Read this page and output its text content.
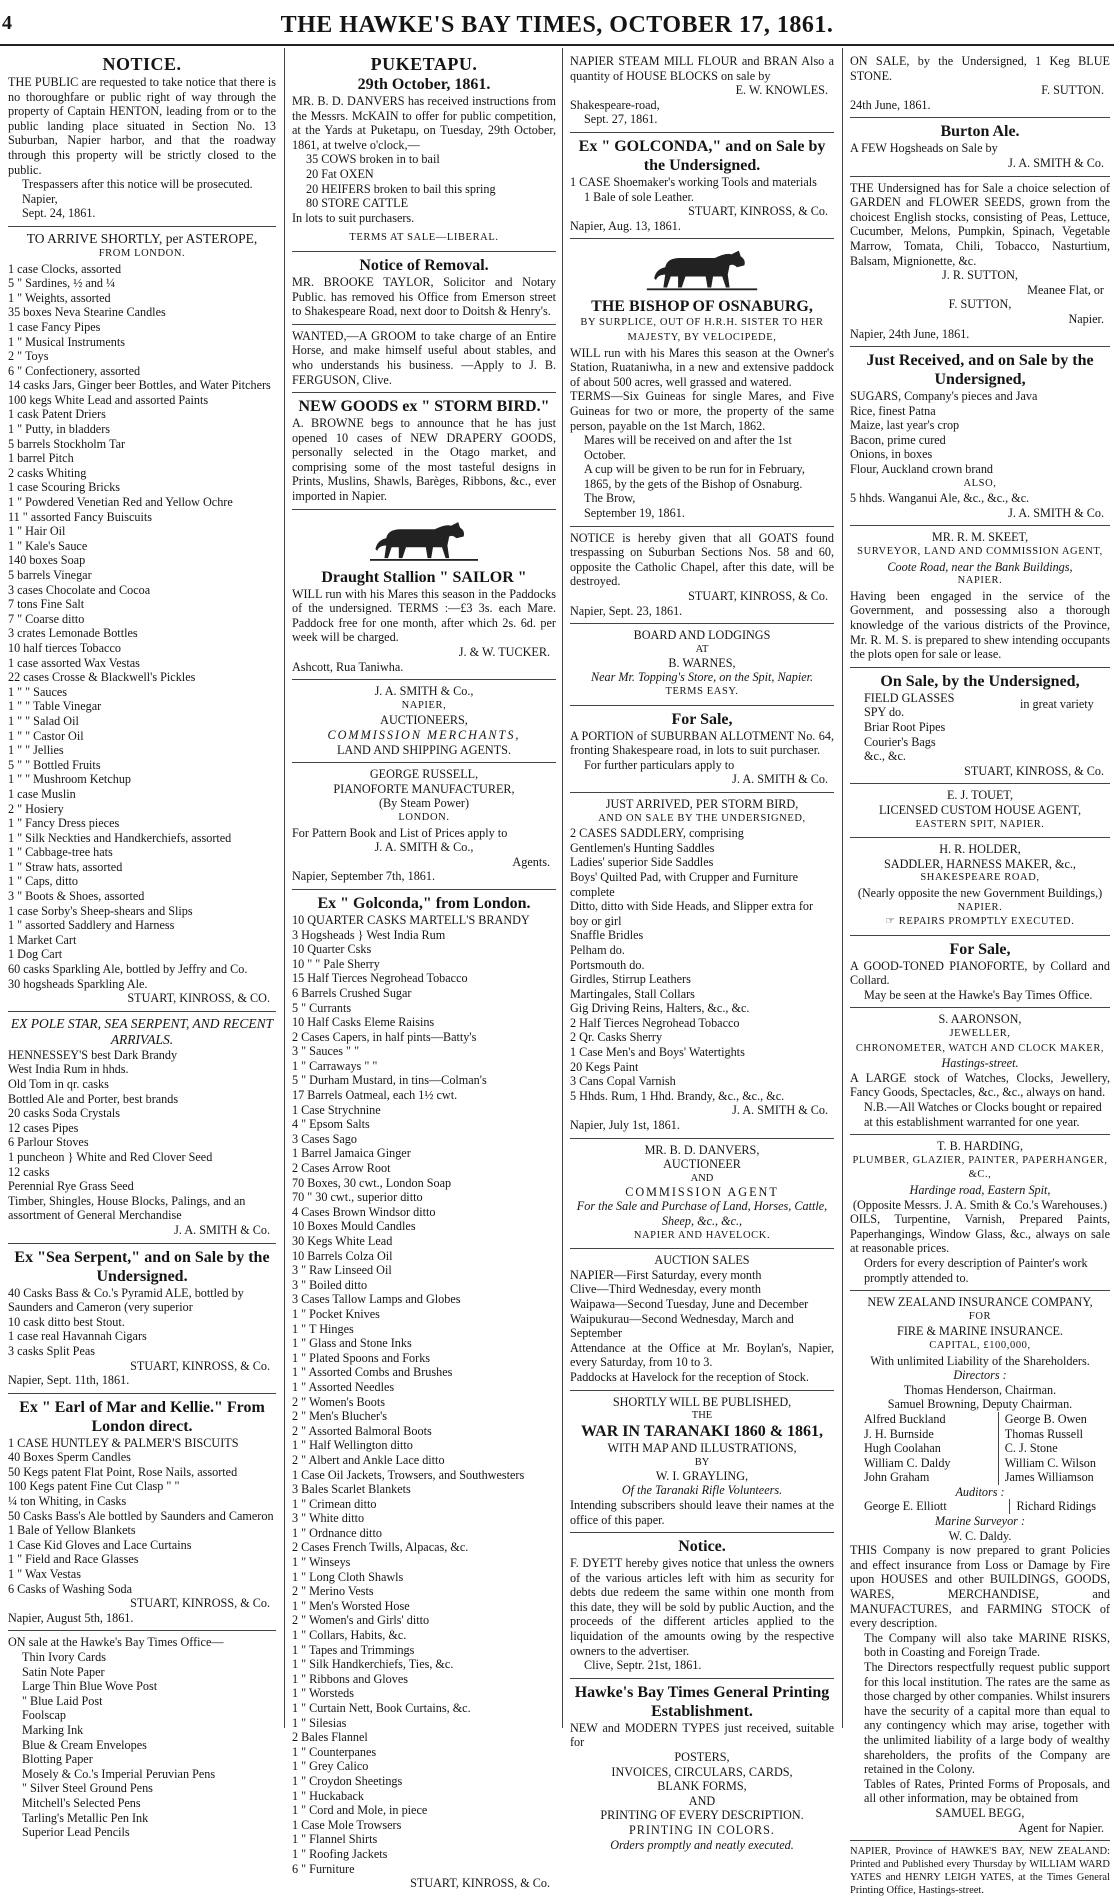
4	THE HAWKE'S BAY TIMES, OCTOBER 17, 1861.
NOTICE.
THE PUBLIC are requested to take notice that there is no thoroughfare or public right of way through the property of Captain HENTON, leading from or to the public landing place situated in Section No. 13 Suburban, Napier harbor, and that the roadway through this property will be strictly closed to the public.
Trespassers after this notice will be prosecuted.
Napier,
Sept. 24, 1861.
TO ARRIVE SHORTLY, per ASTEROPE,
FROM LONDON.
1 case Clocks, assorted
5 " Sardines, ½ and ¼
1 " Weights, assorted
35 boxes Neva Stearine Candles
1 case Fancy Pipes
1 " Musical Instruments
2 " Toys
6 " Confectionery, assorted
14 casks Jars, Ginger beer Bottles, and Water Pitchers
100 kegs White Lead and assorted Paints
1 cask Patent Driers
1 " Putty, in bladders
5 barrels Stockholm Tar
1 barrel Pitch
2 casks Whiting
1 case Scouring Bricks
1 " Powdered Venetian Red and Yellow Ochre
11 " assorted Fancy Buiscuits
1 " Hair Oil
1 " Kale's Sauce
140 boxes Soap
5 barrels Vinegar
3 cases Chocolate and Cocoa
7 tons Fine Salt
7 " Coarse ditto
3 crates Lemonade Bottles
10 half tierces Tobacco
1 case assorted Wax Vestas
22 cases Crosse & Blackwell's Pickles
1 " " Sauces
1 " " Table Vinegar
1 " " Salad Oil
1 " " Castor Oil
1 " " Jellies
5 " " Bottled Fruits
1 " " Mushroom Ketchup
1 case Muslin
2 " Hosiery
1 " Fancy Dress pieces
1 " Silk Neckties and Handkerchiefs, assorted
1 " Cabbage-tree hats
1 " Straw hats, assorted
1 " Caps, ditto
3 " Boots & Shoes, assorted
1 case Sorby's Sheep-shears and Slips
1 " assorted Saddlery and Harness
1 Market Cart
1 Dog Cart
60 casks Sparkling Ale, bottled by Jeffry and Co.
30 hogsheads Sparkling Ale.
STUART, KINROSS, & CO.
EX POLE STAR, SEA SERPENT, AND RECENT ARRIVALS.
HENNESSEY'S best Dark Brandy
West India Rum in hhds.
Old Tom in qr. casks
Bottled Ale and Porter, best brands
20 casks Soda Crystals
12 cases Pipes
6 Parlour Stoves
1 puncheon } White and Red Clover Seed
12 casks
Perennial Rye Grass Seed
Timber, Shingles, House Blocks, Palings, and an assortment of General Merchandise
J. A. SMITH & Co.
Ex "Sea Serpent," and on Sale by the Undersigned.
40 Casks Bass & Co.'s Pyramid ALE, bottled by Saunders and Cameron (very superior
10 cask ditto best Stout.
1 case real Havannah Cigars
3 casks Split Peas
STUART, KINROSS, & Co.
Napier, Sept. 11th, 1861.
Ex " Earl of Mar and Kellie." From London direct.
1 CASE HUNTLEY & PALMER'S BISCUITS
40 Boxes Sperm Candles
50 Kegs patent Flat Point, Rose Nails, assorted
100 Kegs patent Fine Cut Clasp " "
¼ ton Whiting, in Casks
50 Casks Bass's Ale bottled by Saunders and Cameron
1 Bale of Yellow Blankets
1 Case Kid Gloves and Lace Curtains
1 " Field and Race Glasses
1 " Wax Vestas
6 Casks of Washing Soda
STUART, KINROSS, & Co.
Napier, August 5th, 1861.
ON sale at the Hawke's Bay Times Office—
Thin Ivory Cards
Satin Note Paper
Large Thin Blue Wove Post
" Blue Laid Post
Foolscap
Marking Ink
Blue & Cream Envelopes
Blotting Paper
Mosely & Co.'s Imperial Peruvian Pens
" Silver Steel Ground Pens
Mitchell's Selected Pens
Tarling's Metallic Pen Ink
Superior Lead Pencils
PUKETAPU.
29th October, 1861.
MR. B. D. DANVERS has received instructions from the Messrs. McKAIN to offer for public competition, at the Yards at Puketapu, on Tuesday, 29th October, 1861, at twelve o'clock,—
35 COWS broken in to bail
20 Fat OXEN
20 HEIFERS broken to bail this spring
80 STORE CATTLE
In lots to suit purchasers.
TERMS AT SALE—LIBERAL.
Notice of Removal.
MR. BROOKE TAYLOR, Solicitor and Notary Public. has removed his Office from Emerson street to Shakespeare Road, next door to Doitsh & Henry's.
WANTED,—A GROOM to take charge of an Entire Horse, and make himself useful about stables, and who understands his business. —Apply to J. B. FERGUSON, Clive.
NEW GOODS ex " STORM BIRD."
A. BROWNE begs to announce that he has just opened 10 cases of NEW DRAPERY GOODS, personally selected in the Otago market, and comprising some of the most tasteful designs in Prints, Muslins, Shawls, Barèges, Ribbons, &c., ever imported in Napier.
Draught Stallion " SAILOR "
WILL run with his Mares this season in the Paddocks of the undersigned. TERMS :—£3 3s. each Mare. Paddock free for one month, after which 2s. 6d. per week will be charged.
J. & W. TUCKER.
Ashcott, Rua Taniwha.
J. A. SMITH & Co.,
NAPIER,
AUCTIONEERS,
COMMISSION MERCHANTS,
LAND AND SHIPPING AGENTS.
GEORGE RUSSELL,
PIANOFORTE MANUFACTURER,
(By Steam Power)
LONDON.
For Pattern Book and List of Prices apply to
J. A. SMITH & Co.,
Agents.
Napier, September 7th, 1861.
Ex " Golconda," from London.
10 QUARTER CASKS MARTELL'S BRANDY
3 Hogsheads } West India Rum
10 Quarter Csks
10 " " Pale Sherry
15 Half Tierces Negrohead Tobacco
6 Barrels Crushed Sugar
5 " Currants
10 Half Casks Eleme Raisins
2 Cases Capers, in half pints—Batty's
3 " Sauces " "
1 " Carraways " "
5 " Durham Mustard, in tins—Colman's
17 Barrels Oatmeal, each 1½ cwt.
1 Case Strychnine
4 " Epsom Salts
3 Cases Sago
1 Barrel Jamaica Ginger
2 Cases Arrow Root
70 Boxes, 30 cwt., London Soap
70 " 30 cwt., superior ditto
4 Cases Brown Windsor ditto
10 Boxes Mould Candles
30 Kegs White Lead
10 Barrels Colza Oil
3 " Raw Linseed Oil
3 " Boiled ditto
3 Cases Tallow Lamps and Globes
1 " Pocket Knives
1 " T Hinges
1 " Glass and Stone Inks
1 " Plated Spoons and Forks
1 " Assorted Combs and Brushes
1 " Assorted Needles
2 " Women's Boots
2 " Men's Blucher's
2 " Assorted Balmoral Boots
1 " Half Wellington ditto
2 " Albert and Ankle Lace ditto
1 Case Oil Jackets, Trowsers, and Southwesters
3 Bales Scarlet Blankets
1 " Crimean ditto
3 " White ditto
1 " Ordnance ditto
2 Cases French Twills, Alpacas, &c.
1 " Winseys
1 " Long Cloth Shawls
2 " Merino Vests
1 " Men's Worsted Hose
2 " Women's and Girls' ditto
1 " Collars, Habits, &c.
1 " Tapes and Trimmings
1 " Silk Handkerchiefs, Ties, &c.
1 " Ribbons and Gloves
1 " Worsteds
1 " Curtain Nett, Book Curtains, &c.
1 " Silesias
2 Bales Flannel
1 " Counterpanes
1 " Grey Calico
1 " Croydon Sheetings
1 " Huckaback
1 " Cord and Mole, in piece
1 Case Mole Trowsers
1 " Flannel Shirts
1 " Roofing Jackets
6 " Furniture
STUART, KINROSS, & Co.
NAPIER STEAM MILL FLOUR and BRAN Also a quantity of HOUSE BLOCKS on sale by
E. W. KNOWLES.
Shakespeare-road,
Sept. 27, 1861.
Ex " GOLCONDA," and on Sale by the Undersigned.
1 CASE Shoemaker's working Tools and materials
1 Bale of sole Leather.
STUART, KINROSS, & Co.
Napier, Aug. 13, 1861.
THE BISHOP OF OSNABURG,
BY SURPLICE, OUT OF H.R.H. SISTER TO HER MAJESTY, BY VELOCIPEDE,
WILL run with his Mares this season at the Owner's Station, Ruataniwha, in a new and extensive paddock of about 500 acres, well grassed and watered.
TERMS—Six Guineas for single Mares, and Five Guineas for two or more, the property of the same person, payable on the 1st March, 1862.
Mares will be received on and after the 1st October.
A cup will be given to be run for in February, 1865, by the gets of the Bishop of Osnaburg.
The Brow,
September 19, 1861.
NOTICE is hereby given that all GOATS found trespassing on Suburban Sections Nos. 58 and 60, opposite the Catholic Chapel, after this date, will be destroyed.
STUART, KINROSS, & Co.
Napier, Sept. 23, 1861.
BOARD AND LODGINGS
AT
B. WARNES,
Near Mr. Topping's Store, on the Spit, Napier.
TERMS EASY.
For Sale,
A PORTION of SUBURBAN ALLOTMENT No. 64, fronting Shakespeare road, in lots to suit purchaser.
For further particulars apply to
J. A. SMITH & Co.
JUST ARRIVED, PER STORM BIRD,
AND ON SALE BY THE UNDERSIGNED,
2 CASES SADDLERY, comprising
Gentlemen's Hunting Saddles
Ladies' superior Side Saddles
Boys' Quilted Pad, with Crupper and Furniture complete
Ditto, ditto with Side Heads, and Slipper extra for boy or girl
Snaffle Bridles
Pelham do.
Portsmouth do.
Girdles, Stirrup Leathers
Martingales, Stall Collars
Gig Driving Reins, Halters, &c., &c.
2 Half Tierces Negrohead Tobacco
2 Qr. Casks Sherry
1 Case Men's and Boys' Watertights
20 Kegs Paint
3 Cans Copal Varnish
5 Hhds. Rum, 1 Hhd. Brandy, &c., &c., &c.
J. A. SMITH & Co.
Napier, July 1st, 1861.
MR. B. D. DANVERS,
AUCTIONEER
AND
COMMISSION AGENT
For the Sale and Purchase of Land, Horses, Cattle, Sheep, &c., &c.,
NAPIER AND HAVELOCK.
AUCTION SALES
NAPIER—First Saturday, every month
Clive—Third Wednesday, every month
Waipawa—Second Tuesday, June and December
Waipukurau—Second Wednesday, March and September
Attendance at the Office at Mr. Boylan's, Napier, every Saturday, from 10 to 3.
Paddocks at Havelock for the reception of Stock.
SHORTLY WILL BE PUBLISHED,
THE
WAR IN TARANAKI 1860 & 1861,
WITH MAP AND ILLUSTRATIONS,
BY
W. I. GRAYLING,
Of the Taranaki Rifle Volunteers.
Intending subscribers should leave their names at the office of this paper.
Notice.
F. DYETT hereby gives notice that unless the owners of the various articles left with him as security for debts due redeem the same within one month from this date, they will be sold by public Auction, and the proceeds of the different articles applied to the liquidation of the amounts owing by the respective owners to the advertiser.
Clive, Septr. 21st, 1861.
Hawke's Bay Times General Printing Establishment.
NEW and MODERN TYPES just received, suitable for
POSTERS,
INVOICES, CIRCULARS, CARDS,
BLANK FORMS,
AND
PRINTING OF EVERY DESCRIPTION.
PRINTING IN COLORS.
Orders promptly and neatly executed.
ON SALE, by the Undersigned, 1 Keg BLUE STONE.
F. SUTTON.
24th June, 1861.
Burton Ale.
A FEW Hogsheads on Sale by
J. A. SMITH & Co.
THE Undersigned has for Sale a choice selection of GARDEN and FLOWER SEEDS, grown from the choicest English stocks, consisting of Peas, Lettuce, Cucumber, Melons, Pumpkin, Spinach, Vegetable Marrow, Tomata, Chili, Tobacco, Nasturtium, Balsam, Mignionette, &c.
J. R. SUTTON,
Meanee Flat, or
F. SUTTON,
Napier.
Napier, 24th June, 1861.
Just Received, and on Sale by the Undersigned,
SUGARS, Company's pieces and Java
Rice, finest Patna
Maize, last year's crop
Bacon, prime cured
Onions, in boxes
Flour, Auckland crown brand
ALSO,
5 hhds. Wanganui Ale, &c., &c., &c.
J. A. SMITH & Co.
MR. R. M. SKEET,
SURVEYOR, LAND AND COMMISSION AGENT,
Coote Road, near the Bank Buildings,
NAPIER.
Having been engaged in the service of the Government, and possessing also a thorough knowledge of the various districts of the Province, Mr. R. M. S. is prepared to shew intending occupants the plots open for sale or lease.
On Sale, by the Undersigned,
FIELD GLASSES
SPY do.
Briar Root Pipes
Courier's Bags
&c., &c.
in great variety
STUART, KINROSS, & Co.
E. J. TOUET,
LICENSED CUSTOM HOUSE AGENT,
EASTERN SPIT, NAPIER.
H. R. HOLDER,
SADDLER, HARNESS MAKER, &c.,
SHAKESPEARE ROAD,
(Nearly opposite the new Government Buildings,)
NAPIER.
☞ REPAIRS PROMPTLY EXECUTED.
For Sale,
A GOOD-TONED PIANOFORTE, by Collard and Collard.
May be seen at the Hawke's Bay Times Office.
S. AARONSON,
JEWELLER,
CHRONOMETER, WATCH AND CLOCK MAKER,
Hastings-street.
A LARGE stock of Watches, Clocks, Jewellery, Fancy Goods, Spectacles, &c., &c., always on hand.
N.B.—All Watches or Clocks bought or repaired at this establishment warranted for one year.
T. B. HARDING,
PLUMBER, GLAZIER, PAINTER, PAPERHANGER, &C.,
Hardinge road, Eastern Spit,
(Opposite Messrs. J. A. Smith & Co.'s Warehouses.)
OILS, Turpentine, Varnish, Prepared Paints, Paperhangings, Window Glass, &c., always on sale at reasonable prices.
Orders for every description of Painter's work promptly attended to.
NEW ZEALAND INSURANCE COMPANY,
FOR
FIRE & MARINE INSURANCE.
CAPITAL, £100,000,
With unlimited Liability of the Shareholders.
Directors :
Thomas Henderson, Chairman.
Samuel Browning, Deputy Chairman.
Alfred Buckland
J. H. Burnside
Hugh Coolahan
William C. Daldy
John Graham
George B. Owen
Thomas Russell
C. J. Stone
William C. Wilson
James Williamson
Auditors :
George E. Elliott	Richard Ridings
Marine Surveyor :
W. C. Daldy.
THIS Company is now prepared to grant Policies and effect insurance from Loss or Damage by Fire upon HOUSES and other BUILDINGS, GOODS, WARES, MERCHANDISE, and MANUFACTURES, and FARMING STOCK of every description.
The Company will also take MARINE RISKS, both in Coasting and Foreign Trade.
The Directors respectfully request public support for this local institution. The rates are the same as those charged by other companies. Whilst insurers have the security of a capital more than equal to any contingency which may arise, together with the unlimited liability of a large body of wealthy shareholders, the profits of the Company are retained in the Colony.
Tables of Rates, Printed Forms of Proposals, and all other information, may be obtained from
SAMUEL BEGG,
Agent for Napier.
NAPIER, Province of HAWKE'S BAY, NEW ZEALAND: Printed and Published every Thursday by WILLIAM WARD YATES and HENRY LEIGH YATES, at the Times General Printing Office, Hastings-street.
